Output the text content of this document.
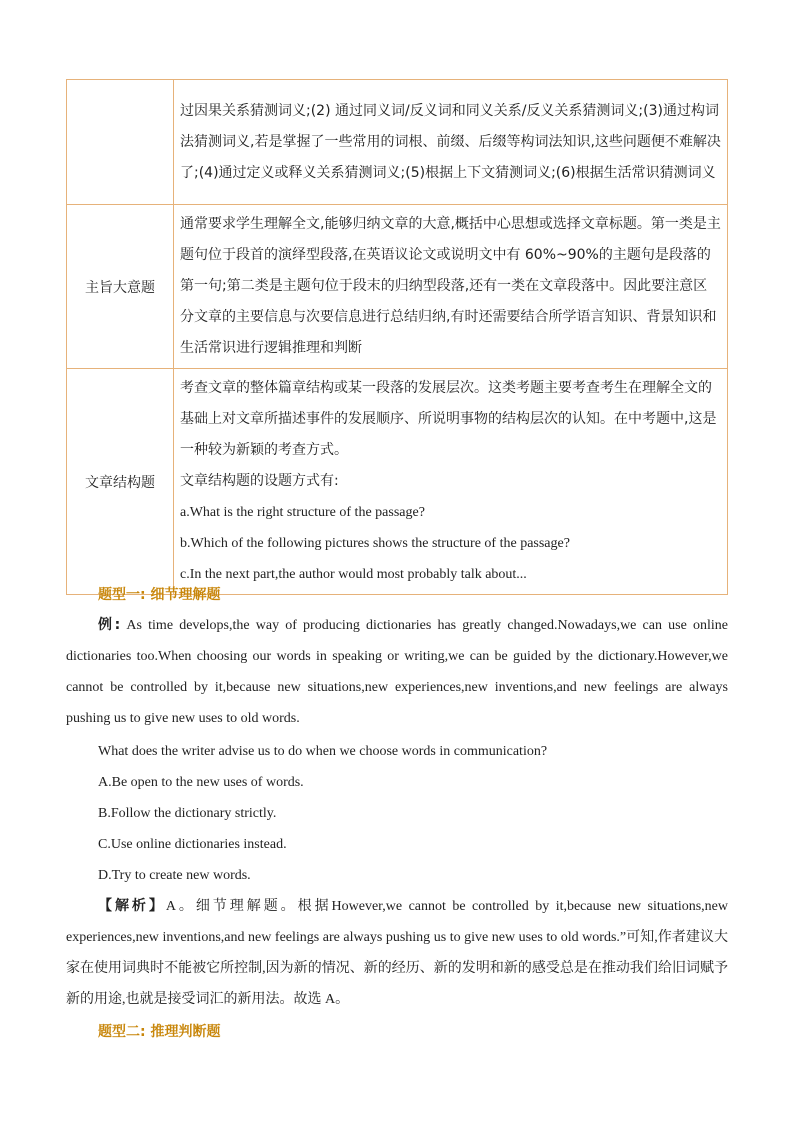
	过因果关系猜测词义;(2) 通过同义词/反义词和同义关系/反义关系猜测词义;(3)通过构词法猜测词义,若是掌握了一些常用的词根、前缀、后缀等构词法知识,这些问题便不难解决了;(4)通过定义或释义关系猜测词义;(5)根据上下文猜测词义;(6)根据生活常识猜测词义
主旨大意题	通常要求学生理解全文,能够归纳文章的大意,概括中心思想或选择文章标题。第一类是主题句位于段首的演绎型段落,在英语议论文或说明文中有 60%~90%的主题句是段落的第一句;第二类是主题句位于段末的归纳型段落,还有一类在文章段落中。因此要注意区分文章的主要信息与次要信息进行总结归纳,有时还需要结合所学语言知识、背景知识和生活常识进行逻辑推理和判断
文章结构题	考查文章的整体篇章结构或某一段落的发展层次。这类考题主要考查考生在理解全文的基础上对文章所描述事件的发展顺序、所说明事物的结构层次的认知。在中考题中,这是一种较为新颖的考查方式。
文章结构题的设题方式有:
a.What is the right structure of the passage?
b.Which of the following pictures shows the structure of the passage?
c.In the next part,the author would most probably talk about...
题型一: 细节理解题
例: As time develops,the way of producing dictionaries has greatly changed.Nowadays,we can use online dictionaries too.When choosing our words in speaking or writing,we can be guided by the dictionary.However,we cannot be controlled by it,because new situations,new experiences,new inventions,and new feelings are always pushing us to give new uses to old words.
What does the writer advise us to do when we choose words in communication?
A.Be open to the new uses of words.
B.Follow the dictionary strictly.
C.Use online dictionaries instead.
D.Try to create new words.
【解析】A。细节理解题。根据However,we cannot be controlled by it,because new situations,new experiences,new inventions,and new feelings are always pushing us to give new uses to old words.”可知,作者建议大家在使用词典时不能被它所控制,因为新的情况、新的经历、新的发明和新的感受总是在推动我们给旧词赋予新的用途,也就是接受词汇的新用法。故选 A。
题型二: 推理判断题
